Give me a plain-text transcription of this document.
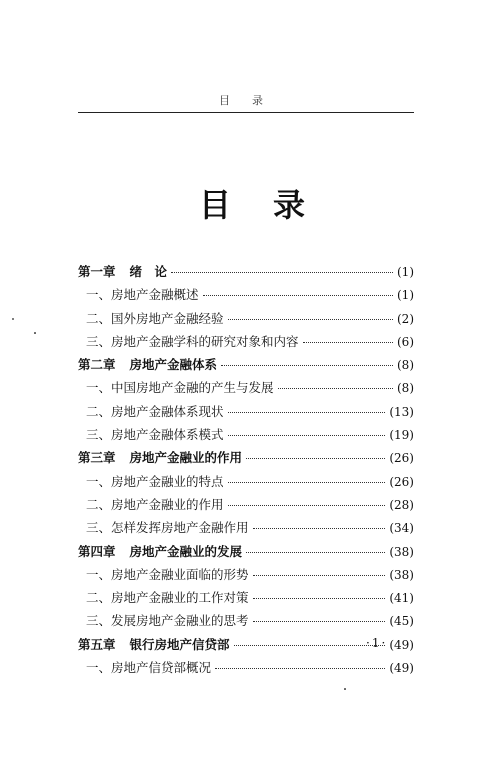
目录
目录
第一章 绪　论	(1)
一、房地产金融概述	(1)
二、国外房地产金融经验	(2)
三、房地产金融学科的研究对象和内容	(6)
第二章 房地产金融体系	(8)
一、中国房地产金融的产生与发展	(8)
二、房地产金融体系现状	(13)
三、房地产金融体系模式	(19)
第三章 房地产金融业的作用	(26)
一、房地产金融业的特点	(26)
二、房地产金融业的作用	(28)
三、怎样发挥房地产金融作用	(34)
第四章 房地产金融业的发展	(38)
一、房地产金融业面临的形势	(38)
二、房地产金融业的工作对策	(41)
三、发展房地产金融业的思考	(45)
第五章 银行房地产信贷部	(49)
一、房地产信贷部概况	(49)
·1·
